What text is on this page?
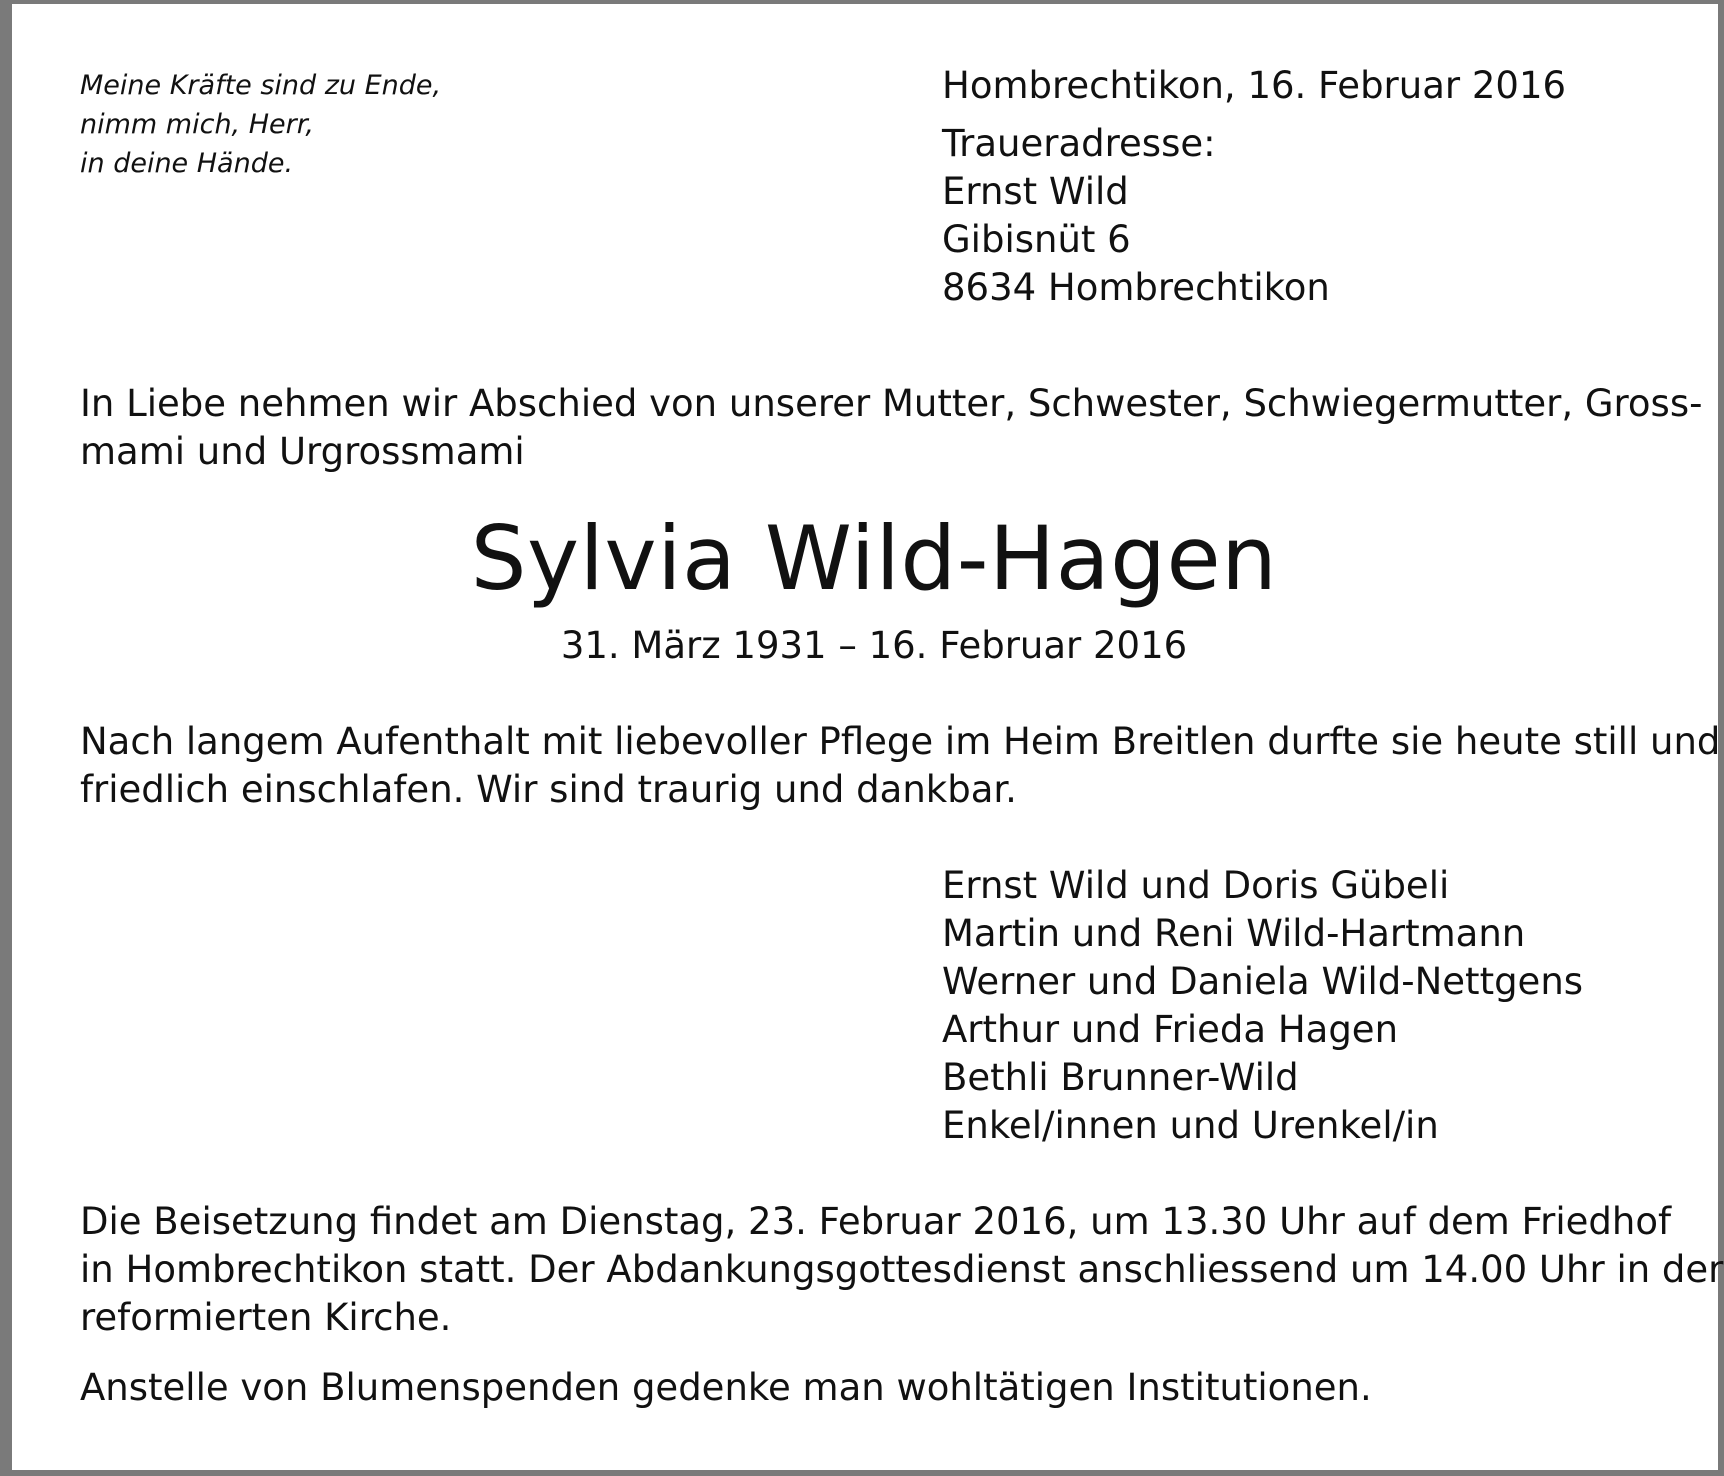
Meine Kräfte sind zu Ende,
nimm mich, Herr,
in deine Hände.
Hombrechtikon, 16. Februar 2016
Traueradresse:
Ernst Wild
Gibisnüt 6
8634 Hombrechtikon
In Liebe nehmen wir Abschied von unserer Mutter, Schwester, Schwiegermutter, Gross-
mami und Urgrossmami
Sylvia Wild-Hagen
31. März 1931 – 16. Februar 2016
Nach langem Aufenthalt mit liebevoller Pflege im Heim Breitlen durfte sie heute still und
friedlich einschlafen. Wir sind traurig und dankbar.
Ernst Wild und Doris Gübeli
Martin und Reni Wild-Hartmann
Werner und Daniela Wild-Nettgens
Arthur und Frieda Hagen
Bethli Brunner-Wild
Enkel/innen und Urenkel/in
Die Beisetzung findet am Dienstag, 23. Februar 2016, um 13.30 Uhr auf dem Friedhof
in Hombrechtikon statt. Der Abdankungsgottesdienst anschliessend um 14.00 Uhr in der
reformierten Kirche.
Anstelle von Blumenspenden gedenke man wohltätigen Institutionen.
